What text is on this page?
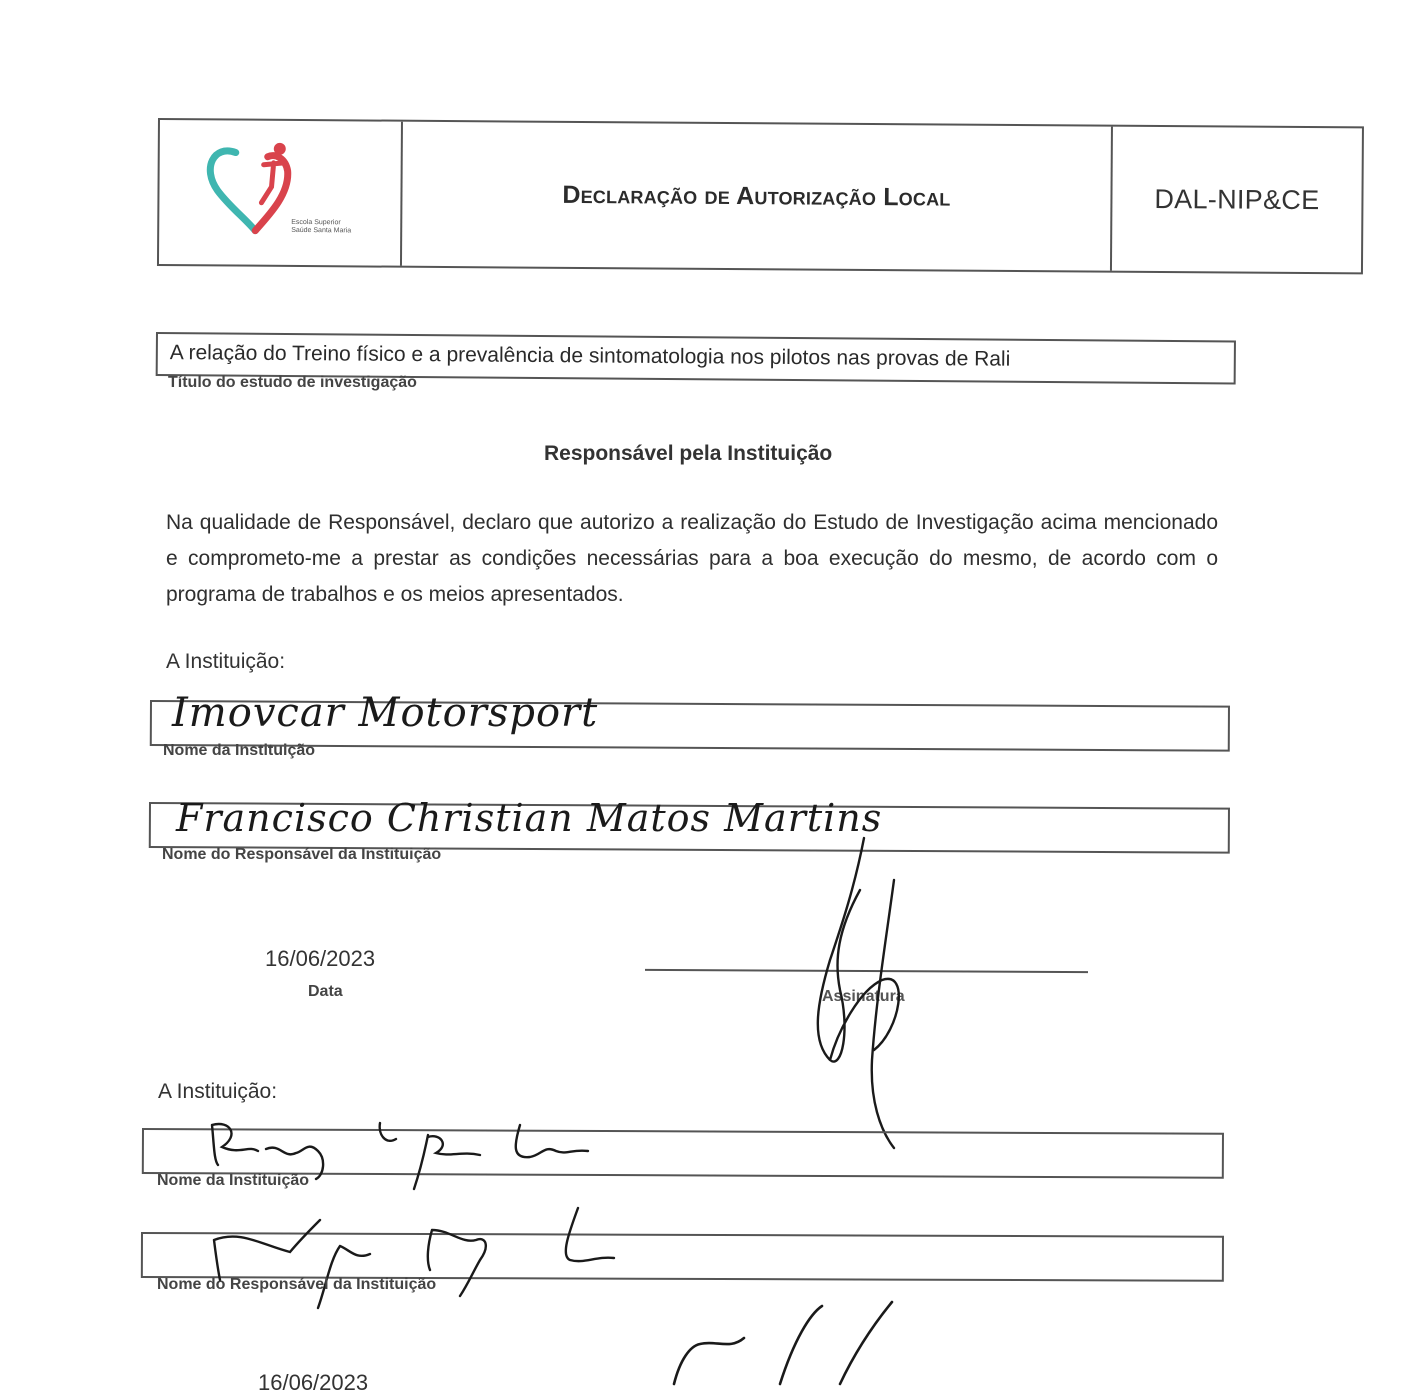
Escola Superior
Saúde Santa Maria
Declaração de Autorização Local	DAL-NIP&CE
A relação do Treino físico e a prevalência de sintomatologia nos pilotos nas provas de Rali
Título do estudo de investigação
Responsável pela Instituição
Na qualidade de Responsável, declaro que autorizo a realização do Estudo de Investigação acima mencionado e comprometo-me a prestar as condições necessárias para a boa execução do mesmo, de acordo com o programa de trabalhos e os meios apresentados.
A Instituição:
Imovcar Motorsport
Nome da Instituição
Francisco Christian Matos Martins
Nome do Responsável da Instituição
16/06/2023
Data	Assinatura
A Instituição:
Nome da Instituição
Nome do Responsável da Instituição
16/06/2023
